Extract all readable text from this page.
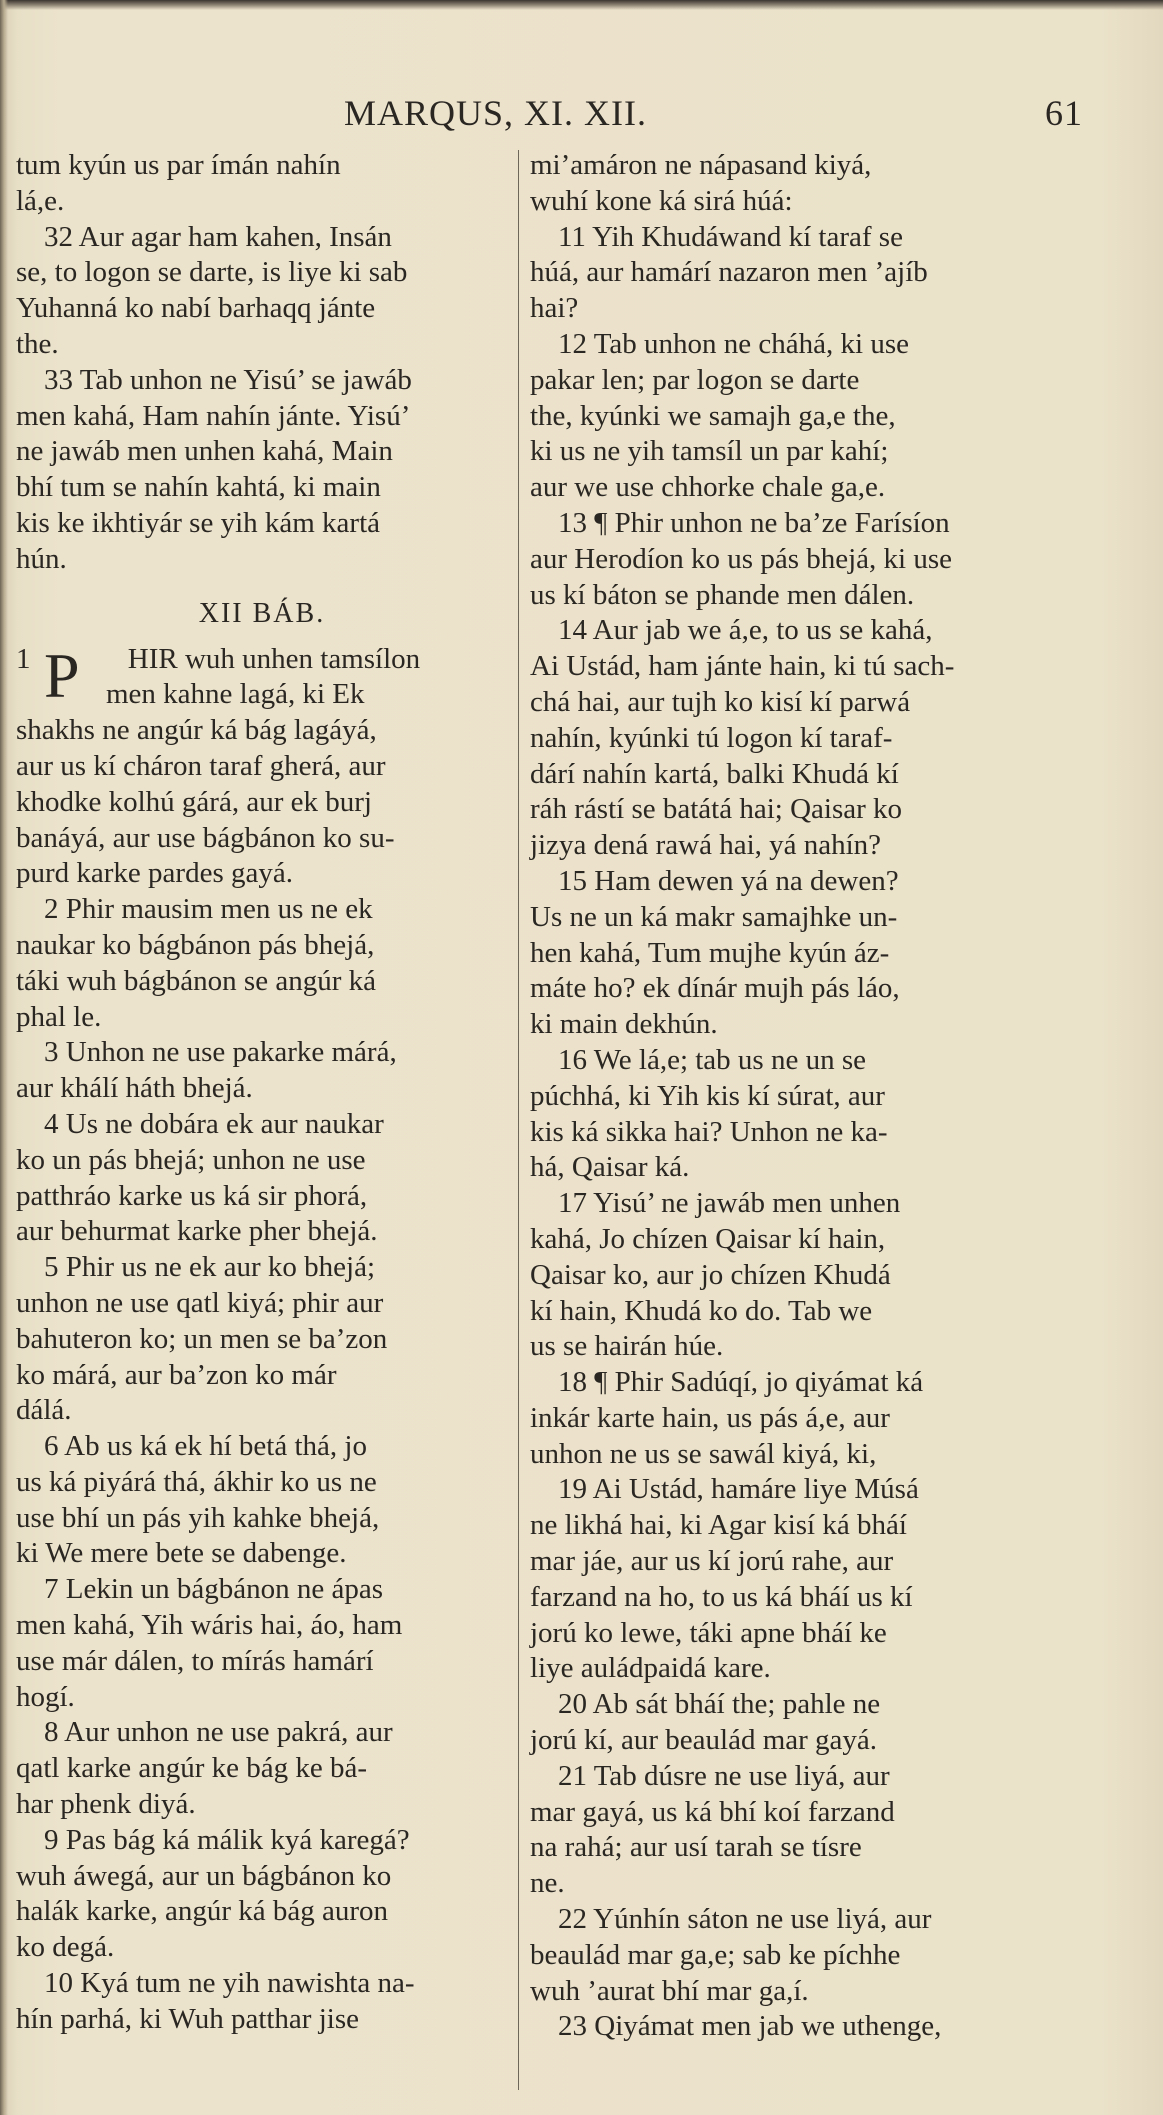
MARQUS, XI. XII.	61
tum kyún us par ímán nahín
lá,e.
32 Aur agar ham kahen, Insán
se, to logon se darte, is liye ki sab
Yuhanná ko nabí barhaqq jánte
the.
33 Tab unhon ne Yisú’ se jawáb
men kahá, Ham nahín jánte. Yisú’
ne jawáb men unhen kahá, Main
bhí tum se nahín kahtá, ki main
kis ke ikhtiyár se yih kám kartá
hún.
XII BÁB.
1 P HIR wuh unhen tamsílon
men kahne lagá, ki Ek
shakhs ne angúr ká bág lagáyá,
aur us kí cháron taraf gherá, aur
khodke kolhú gárá, aur ek burj
banáyá, aur use bágbánon ko su-
purd karke pardes gayá.
2 Phir mausim men us ne ek
naukar ko bágbánon pás bhejá,
táki wuh bágbánon se angúr ká
phal le.
3 Unhon ne use pakarke márá,
aur khálí háth bhejá.
4 Us ne dobára ek aur naukar
ko un pás bhejá; unhon ne use
patthráo karke us ká sir phorá,
aur behurmat karke pher bhejá.
5 Phir us ne ek aur ko bhejá;
unhon ne use qatl kiyá; phir aur
bahuteron ko; un men se ba’zon
ko márá, aur ba’zon ko már
dálá.
6 Ab us ká ek hí betá thá, jo
us ká piyárá thá, ákhir ko us ne
use bhí un pás yih kahke bhejá,
ki We mere bete se dabenge.
7 Lekin un bágbánon ne ápas
men kahá, Yih wáris hai, áo, ham
use már dálen, to mírás hamárí
hogí.
8 Aur unhon ne use pakrá, aur
qatl karke angúr ke bág ke bá-
har phenk diyá.
9 Pas bág ká málik kyá karegá?
wuh áwegá, aur un bágbánon ko
halák karke, angúr ká bág auron
ko degá.
10 Kyá tum ne yih nawishta na-
hín parhá, ki Wuh patthar jise
mi’amáron ne nápasand kiyá,
wuhí kone ká sirá húá:
11 Yih Khudáwand kí taraf se
húá, aur hamárí nazaron men ’ajíb
hai?
12 Tab unhon ne cháhá, ki use
pakar len; par logon se darte
the, kyúnki we samajh ga,e the,
ki us ne yih tamsíl un par kahí;
aur we use chhorke chale ga,e.
13 ¶ Phir unhon ne ba’ze Farísíon
aur Herodíon ko us pás bhejá, ki use
us kí báton se phande men dálen.
14 Aur jab we á,e, to us se kahá,
Ai Ustád, ham jánte hain, ki tú sach-
chá hai, aur tujh ko kisí kí parwá
nahín, kyúnki tú logon kí taraf-
dárí nahín kartá, balki Khudá kí
ráh rástí se batátá hai; Qaisar ko
jizya dená rawá hai, yá nahín?
15 Ham dewen yá na dewen?
Us ne un ká makr samajhke un-
hen kahá, Tum mujhe kyún áz-
máte ho? ek dínár mujh pás láo,
ki main dekhún.
16 We lá,e; tab us ne un se
púchhá, ki Yih kis kí súrat, aur
kis ká sikka hai? Unhon ne ka-
há, Qaisar ká.
17 Yisú’ ne jawáb men unhen
kahá, Jo chízen Qaisar kí hain,
Qaisar ko, aur jo chízen Khudá
kí hain, Khudá ko do. Tab we
us se hairán húe.
18 ¶ Phir Sadúqí, jo qiyámat ká
inkár karte hain, us pás á,e, aur
unhon ne us se sawál kiyá, ki,
19 Ai Ustád, hamáre liye Músá
ne likhá hai, ki Agar kisí ká bháí
mar jáe, aur us kí jorú rahe, aur
farzand na ho, to us ká bháí us kí
jorú ko lewe, táki apne bháí ke
liye auládpaidá kare.
20 Ab sát bháí the; pahle ne
jorú kí, aur beaulád mar gayá.
21 Tab dúsre ne use liyá, aur
mar gayá, us ká bhí koí farzand
na rahá; aur usí tarah se tísre
ne.
22 Yúnhín sáton ne use liyá, aur
beaulád mar ga,e; sab ke píchhe
wuh ’aurat bhí mar ga,í.
23 Qiyámat men jab we uthenge,
